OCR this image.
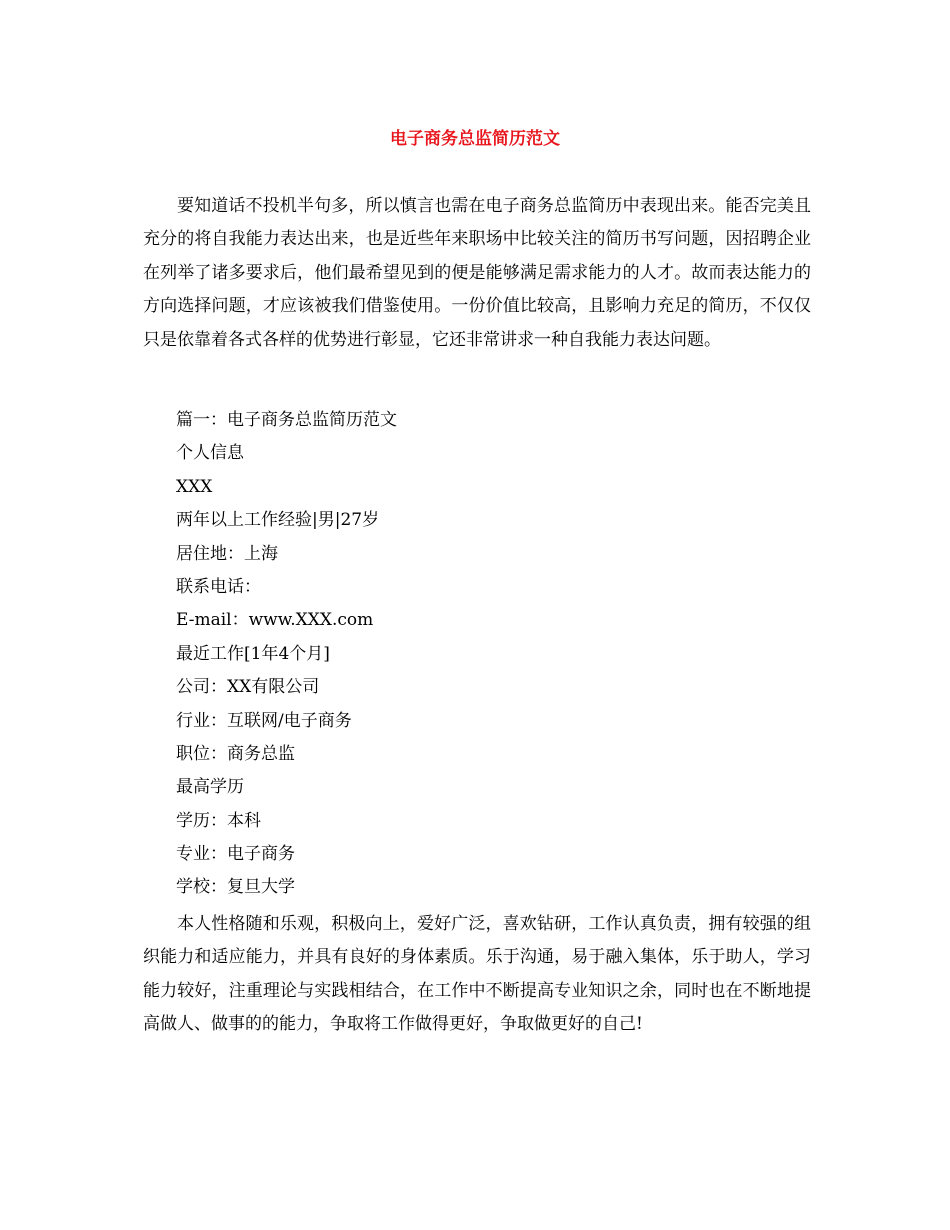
电子商务总监简历范文

要知道话不投机半句多，所以慎言也需在电子商务总监简历中表现出来。能否完美且充分的将自我能力表达出来，也是近些年来职场中比较关注的简历书写问题，因招聘企业在列举了诸多要求后，他们最希望见到的便是能够满足需求能力的人才。故而表达能力的方向选择问题，才应该被我们借鉴使用。一份价值比较高，且影响力充足的简历，不仅仅只是依靠着各式各样的优势进行彰显，它还非常讲求一种自我能力表达问题。

篇一：电子商务总监简历范文
个人信息
XXX
两年以上工作经验|男|27岁
居住地：上海
联系电话：
E-mail：www.XXX.com
最近工作[1年4个月]
公司：XX有限公司
行业：互联网/电子商务
职位：商务总监
最高学历
学历：本科
专业：电子商务
学校：复旦大学

本人性格随和乐观，积极向上，爱好广泛，喜欢钻研，工作认真负责，拥有较强的组织能力和适应能力，并具有良好的身体素质。乐于沟通，易于融入集体，乐于助人，学习能力较好，注重理论与实践相结合，在工作中不断提高专业知识之余，同时也在不断地提高做人、做事的的能力，争取将工作做得更好，争取做更好的自己!
